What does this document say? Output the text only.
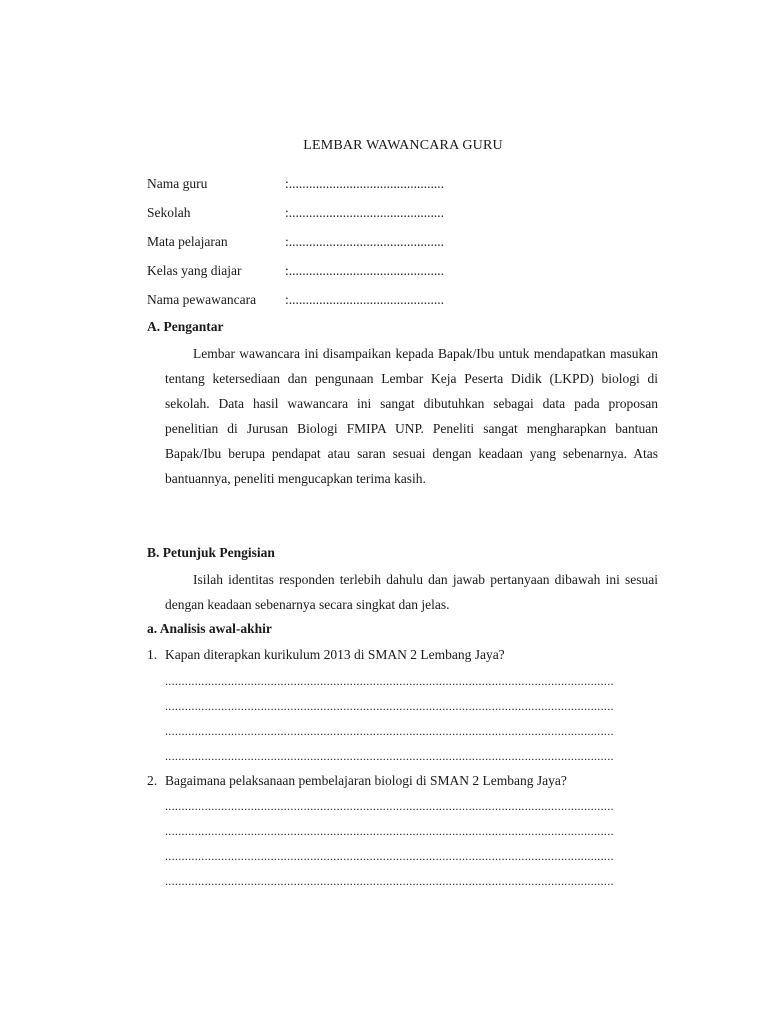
LEMBAR WAWANCARA GURU
Nama guru	:..............................................
Sekolah	:..............................................
Mata pelajaran	:..............................................
Kelas yang diajar	:..............................................
Nama pewawancara :..............................................
A. Pengantar

Lembar wawancara ini disampaikan kepada Bapak/Ibu untuk mendapatkan masukan tentang ketersediaan dan pengunaan Lembar Keja Peserta Didik (LKPD) biologi di sekolah. Data hasil wawancara ini sangat dibutuhkan sebagai data pada proposan penelitian di Jurusan Biologi FMIPA UNP. Peneliti sangat mengharapkan bantuan Bapak/Ibu berupa pendapat atau saran sesuai dengan keadaan yang sebenarnya. Atas bantuannya, peneliti mengucapkan terima kasih.

B. Petunjuk Pengisian

Isilah identitas responden terlebih dahulu dan jawab pertanyaan dibawah ini sesuai dengan keadaan sebenarnya secara singkat dan jelas.

a. Analisis awal-akhir
1. Kapan diterapkan kurikulum 2013 di SMAN 2 Lembang Jaya?
........................................................................................................................................
........................................................................................................................................
........................................................................................................................................
........................................................................................................................................
2. Bagaimana pelaksanaan pembelajaran biologi di SMAN 2 Lembang Jaya?
........................................................................................................................................
........................................................................................................................................
........................................................................................................................................
........................................................................................................................................
